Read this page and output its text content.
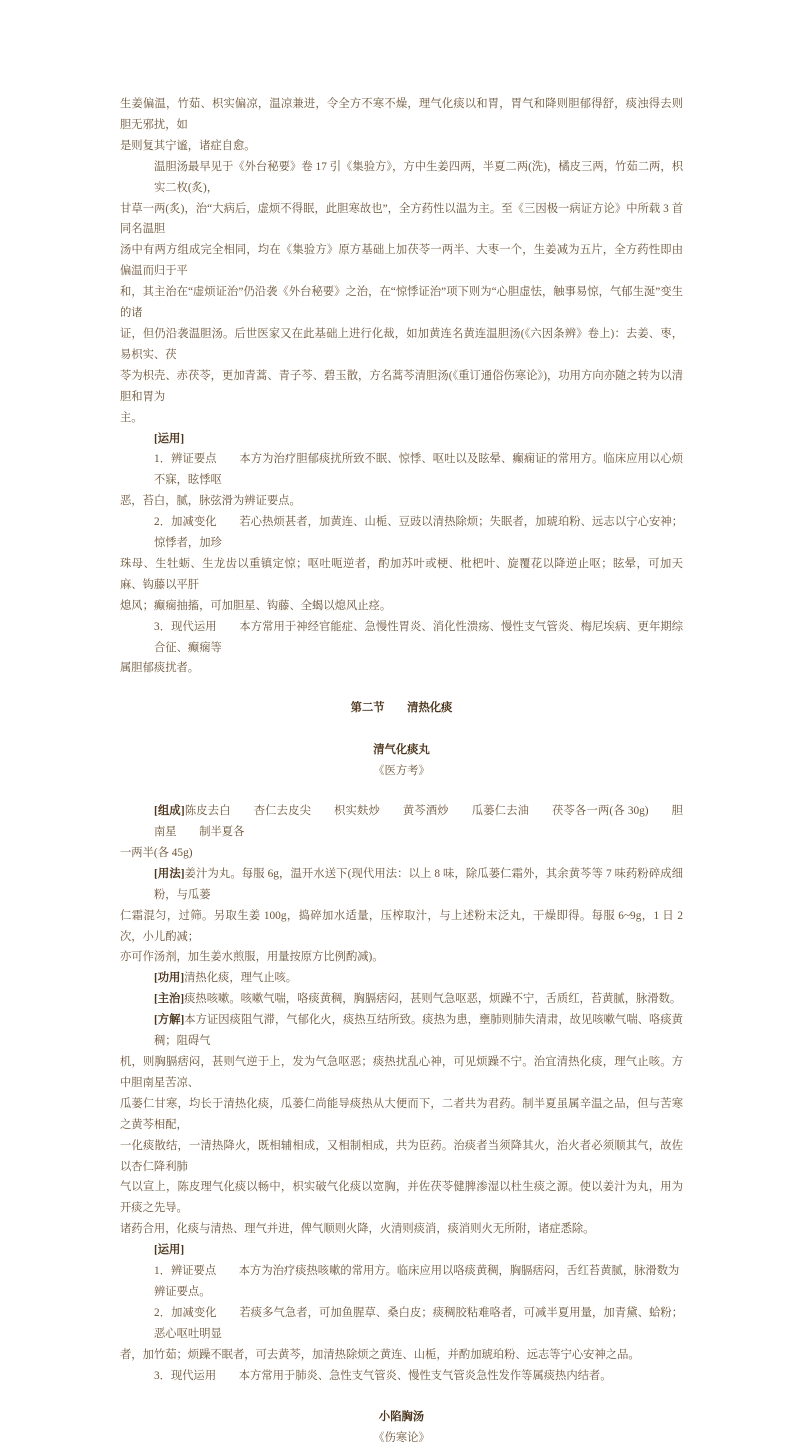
生姜偏温，竹茹、枳实偏凉，温凉兼进，令全方不寒不燥，理气化痰以和胃，胃气和降则胆郁得舒，痰浊得去则胆无邪扰，如
是则复其宁谧，诸症自愈。
温胆汤最早见于《外台秘要》卷 17 引《集验方》，方中生姜四两，半夏二两(洗)，橘皮三两，竹茹二两，枳实二枚(炙)，
甘草一两(炙)，治“大病后，虚烦不得眠，此胆寒故也”，全方药性以温为主。至《三因极一病证方论》中所载 3 首同名温胆
汤中有两方组成完全相同，均在《集验方》原方基础上加茯苓一两半、大枣一个，生姜减为五片，全方药性即由偏温而归于平
和，其主治在“虚烦证治”仍沿袭《外台秘要》之治，在“惊悸证治”项下则为“心胆虚怯，触事易惊，气郁生涎”变生的诸
证，但仍沿袭温胆汤。后世医家又在此基础上进行化裁，如加黄连名黄连温胆汤(《六因条辨》卷上)：去姜、枣，易枳实、茯
苓为枳壳、赤茯苓，更加青蒿、青子芩、碧玉散，方名蒿芩清胆汤(《重订通俗伤寒论》)，功用方向亦随之转为以清胆和胃为
主。
[运用]
1．辨证要点　　本方为治疗胆郁痰扰所致不眠、惊悸、呕吐以及眩晕、癫痫证的常用方。临床应用以心烦不寐，眩悸呕
恶，苔白，腻，脉弦滑为辨证要点。
2．加减变化　　若心热烦甚者，加黄连、山栀、豆豉以清热除烦；失眠者，加琥珀粉、远志以宁心安神；惊悸者，加珍
珠母、生牡蛎、生龙齿以重镇定惊；呕吐呃逆者，酌加苏叶或梗、枇杷叶、旋覆花以降逆止呕；眩晕，可加天麻、钩藤以平肝
熄风；癫痫抽搐，可加胆星、钩藤、全蝎以熄风止痉。
3．现代运用　　本方常用于神经官能症、急慢性胃炎、消化性溃疡、慢性支气管炎、梅尼埃病、更年期综合征、癫痫等
属胆郁痰扰者。
第二节　　清热化痰
清气化痰丸
《医方考》
[组成]陈皮去白　　杏仁去皮尖　　枳实麸炒　　黄芩酒炒　　瓜蒌仁去油　　茯苓各一两(各 30g)　　胆南星　　制半夏各
一两半(各 45g)
[用法]姜汁为丸。每服 6g，温开水送下(现代用法：以上 8 味，除瓜蒌仁霜外，其余黄芩等 7 味药粉碎成细粉，与瓜蒌
仁霜混匀，过筛。另取生姜 100g，捣碎加水适量，压榨取汁，与上述粉末泛丸，干燥即得。每服 6~9g，1 日 2 次，小儿酌减；
亦可作汤剂，加生姜水煎服，用量按原方比例酌减)。
[功用]清热化痰，理气止咳。
[主治]痰热咳嗽。咳嗽气喘，咯痰黄稠，胸膈痞闷，甚则气急呕恶，烦躁不宁，舌质红，苔黄腻，脉滑数。
[方解]本方证因痰阻气滞，气郁化火，痰热互结所致。痰热为患，壅肺则肺失清肃，故见咳嗽气喘、咯痰黄稠；阻碍气
机，则胸膈痞闷，甚则气逆于上，发为气急呕恶；痰热扰乱心神，可见烦躁不宁。治宜清热化痰，理气止咳。方中胆南星苦凉、
瓜蒌仁甘寒，均长于清热化痰，瓜蒌仁尚能导痰热从大便而下，二者共为君药。制半夏虽属辛温之品，但与苦寒之黄芩相配，
一化痰散结，一清热降火，既相辅相成，又相制相成，共为臣药。治痰者当须降其火，治火者必须顺其气，故佐以杏仁降利肺
气以宣上，陈皮理气化痰以畅中，枳实破气化痰以宽胸，并佐茯苓健脾渗湿以杜生痰之源。使以姜汁为丸，用为开痰之先导。
诸药合用，化痰与清热、理气并进，俾气顺则火降，火清则痰消，痰消则火无所附，诸症悉除。
[运用]
1．辨证要点　　本方为治疗痰热咳嗽的常用方。临床应用以咯痰黄稠，胸膈痞闷，舌红苔黄腻，脉滑数为辨证要点。
2．加减变化　　若痰多气急者，可加鱼腥草、桑白皮；痰稠胶粘难咯者，可减半夏用量，加青黛、蛤粉；恶心呕吐明显
者，加竹茹；烦躁不眠者，可去黄芩，加清热除烦之黄连、山栀，并酌加琥珀粉、远志等宁心安神之品。
3．现代运用　　本方常用于肺炎、急性支气管炎、慢性支气管炎急性发作等属痰热内结者。
小陷胸汤
《伤寒论》
